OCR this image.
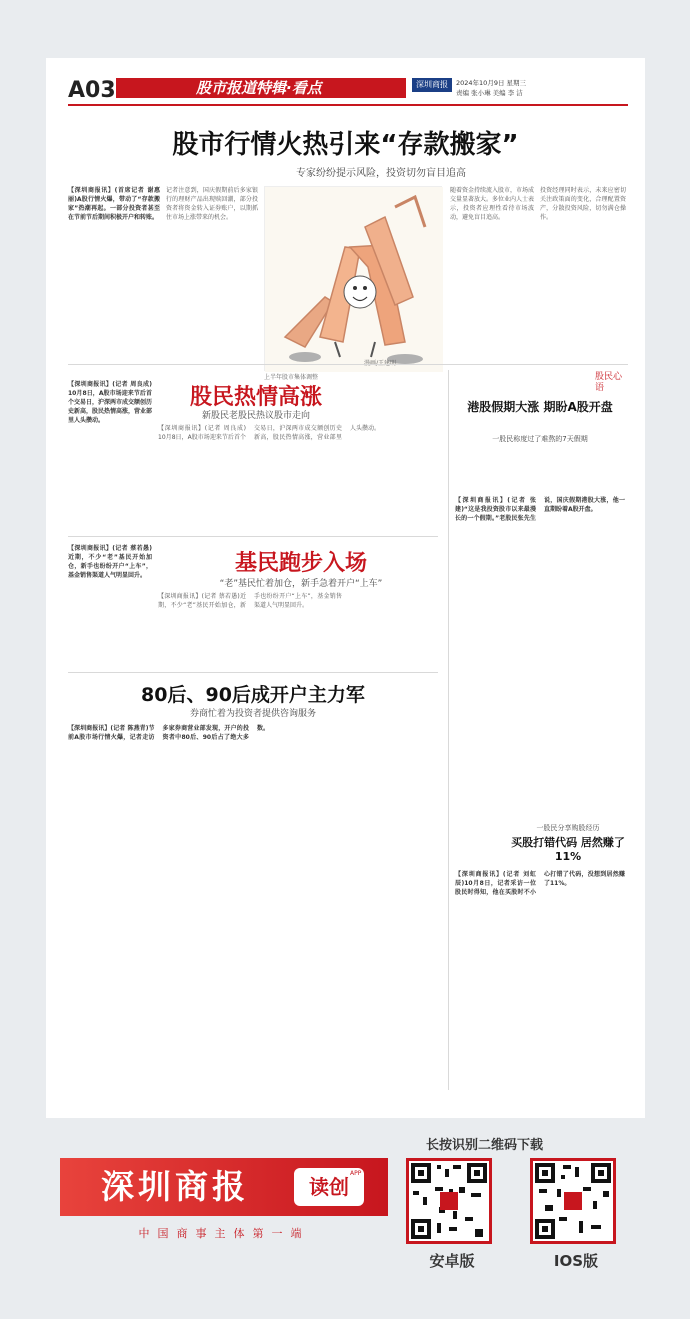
A03	股市报道特辑·看点	深圳商报	2024年10月9日 星期三
责编 张小琳 美编 李 洁
股市行情火热引来“存款搬家”
专家纷纷提示风险，投资切勿盲目追高

【深圳商报讯】(首席记者 谢惠丽)A股行情火爆，带动了“存款搬家”热潮再起。一部分投资者甚至在节前节后期间积极开户和转账。

记者注意到，国庆假期前后多家银行的理财产品出现赎回潮，部分投资者将资金转入证券账户，以期抓住市场上涨带来的机会。

上半年股市集体调整

随着资金持续流入股市，市场成交量显著放大。多位业内人士表示，投资者应理性看待市场波动，避免盲目追高。

投资经理同时表示，未来应密切关注政策面的变化，合理配置资产，分散投资风险，切勿满仓操作。

股民热情高涨
新股民老股民热议股市走向

【深圳商报讯】(记者 周良成) 10月8日，A股市场迎来节后首个交易日，沪深两市成交额创历史新高，股民热情高涨，营业部里人头攒动。

【深圳商报讯】(记者 周良成) 10月8日，A股市场迎来节后首个交易日，沪深两市成交额创历史新高，股民热情高涨，营业部里人头攒动。

股民心语
港股假期大涨 期盼A股开盘
一股民称度过了难熬的7天假期

【深圳商报讯】(记者 张建)“这是我投资股市以来最漫长的一个假期。”老股民张先生说，国庆假期港股大涨，他一直期盼着A股开盘。

【深圳商报讯】(记者 蔡若愚)近期，不少“老”基民开始加仓，新手也纷纷开户“上车”，基金销售渠道人气明显回升。	基民跑步入场
“老”基民忙着加仓，新手急着开户“上车”

【深圳商报讯】(记者 蔡若愚)近期，不少“老”基民开始加仓，新手也纷纷开户“上车”，基金销售渠道人气明显回升。

一股民分享购股经历
买股打错代码 居然赚了11%

【深圳商报讯】(记者 刘虹辰)10月8日，记者采访一位股民时得知，他在买股时不小心打错了代码，没想到居然赚了11%。

80后、90后成开户主力军
券商忙着为投资者提供咨询服务

【深圳商报讯】(记者 陈燕青)节前A股市场行情火爆，记者走访多家券商营业部发现，开户的投资者中80后、90后占了绝大多数。

深圳商报	读创
APP
中国商事主体第一端
长按识别二维码下载
安卓版	IOS版
